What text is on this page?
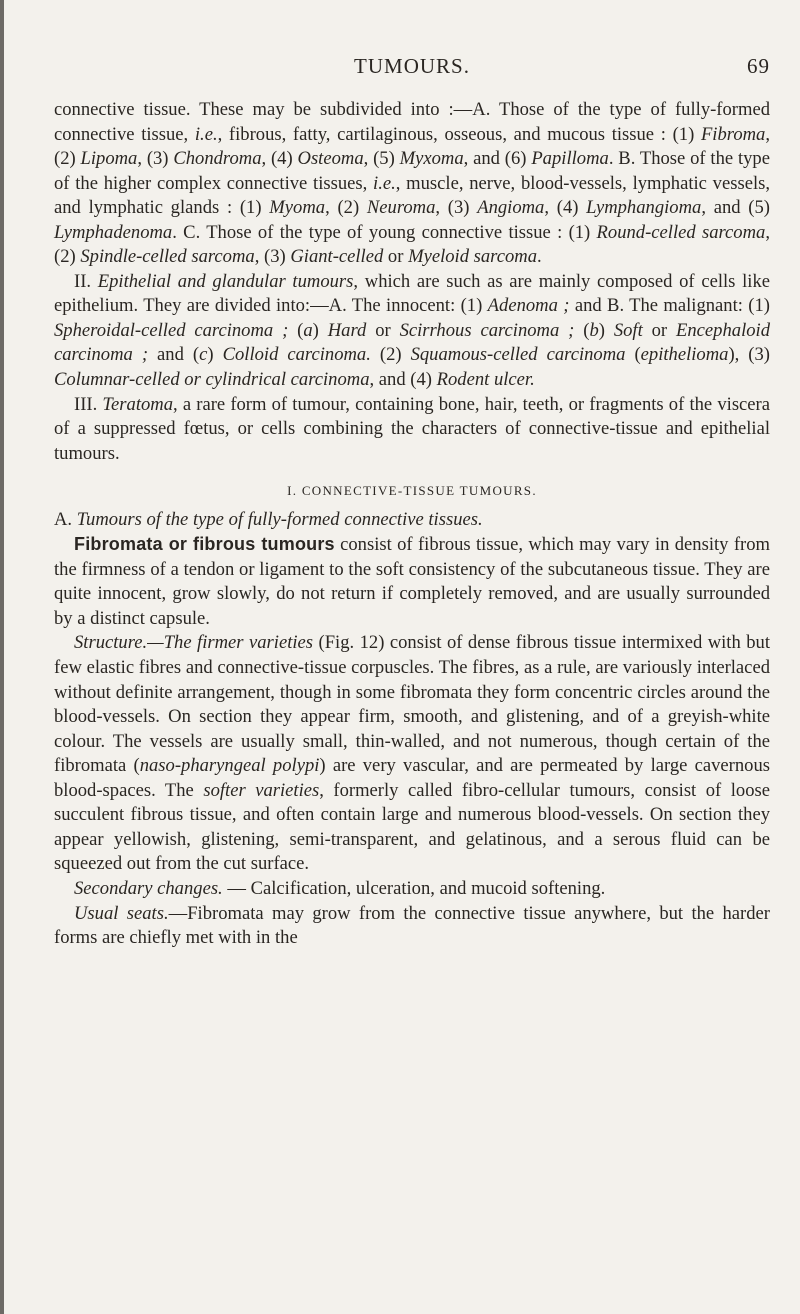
TUMOURS.	69

connective tissue. These may be subdivided into :—A. Those of the type of fully-formed connective tissue, i.e., fibrous, fatty, cartilaginous, osseous, and mucous tissue : (1) Fibroma, (2) Lipoma, (3) Chondroma, (4) Osteoma, (5) Myxoma, and (6) Papilloma. B. Those of the type of the higher complex connective tissues, i.e., muscle, nerve, blood-vessels, lymphatic vessels, and lymphatic glands : (1) Myoma, (2) Neuroma, (3) Angioma, (4) Lymphangioma, and (5) Lymphadenoma. C. Those of the type of young connective tissue : (1) Round-celled sarcoma, (2) Spindle-celled sarcoma, (3) Giant-celled or Myeloid sarcoma.

II. Epithelial and glandular tumours, which are such as are mainly composed of cells like epithelium. They are divided into:—A. The innocent: (1) Adenoma ; and B. The malignant: (1) Spheroidal-celled carcinoma ; (a) Hard or Scirrhous carcinoma ; (b) Soft or Encephaloid carcinoma ; and (c) Colloid carcinoma. (2) Squamous-celled carcinoma (epithelioma), (3) Columnar-celled or cylindrical carcinoma, and (4) Rodent ulcer.

III. Teratoma, a rare form of tumour, containing bone, hair, teeth, or fragments of the viscera of a suppressed fœtus, or cells combining the characters of connective-tissue and epithelial tumours.

I. CONNECTIVE-TISSUE TUMOURS.

A. Tumours of the type of fully-formed connective tissues.

Fibromata or fibrous tumours consist of fibrous tissue, which may vary in density from the firmness of a tendon or ligament to the soft consistency of the subcutaneous tissue. They are quite innocent, grow slowly, do not return if completely removed, and are usually surrounded by a distinct capsule.

Structure.—The firmer varieties (Fig. 12) consist of dense fibrous tissue intermixed with but few elastic fibres and connective-tissue corpuscles. The fibres, as a rule, are variously interlaced without definite arrangement, though in some fibromata they form concentric circles around the blood-vessels. On section they appear firm, smooth, and glistening, and of a greyish-white colour. The vessels are usually small, thin-walled, and not numerous, though certain of the fibromata (naso-pharyngeal polypi) are very vascular, and are permeated by large cavernous blood-spaces. The softer varieties, formerly called fibro-cellular tumours, consist of loose succulent fibrous tissue, and often contain large and numerous blood-vessels. On section they appear yellowish, glistening, semi-transparent, and gelatinous, and a serous fluid can be squeezed out from the cut surface.

Secondary changes. — Calcification, ulceration, and mucoid softening.

Usual seats.—Fibromata may grow from the connective tissue anywhere, but the harder forms are chiefly met with in the
